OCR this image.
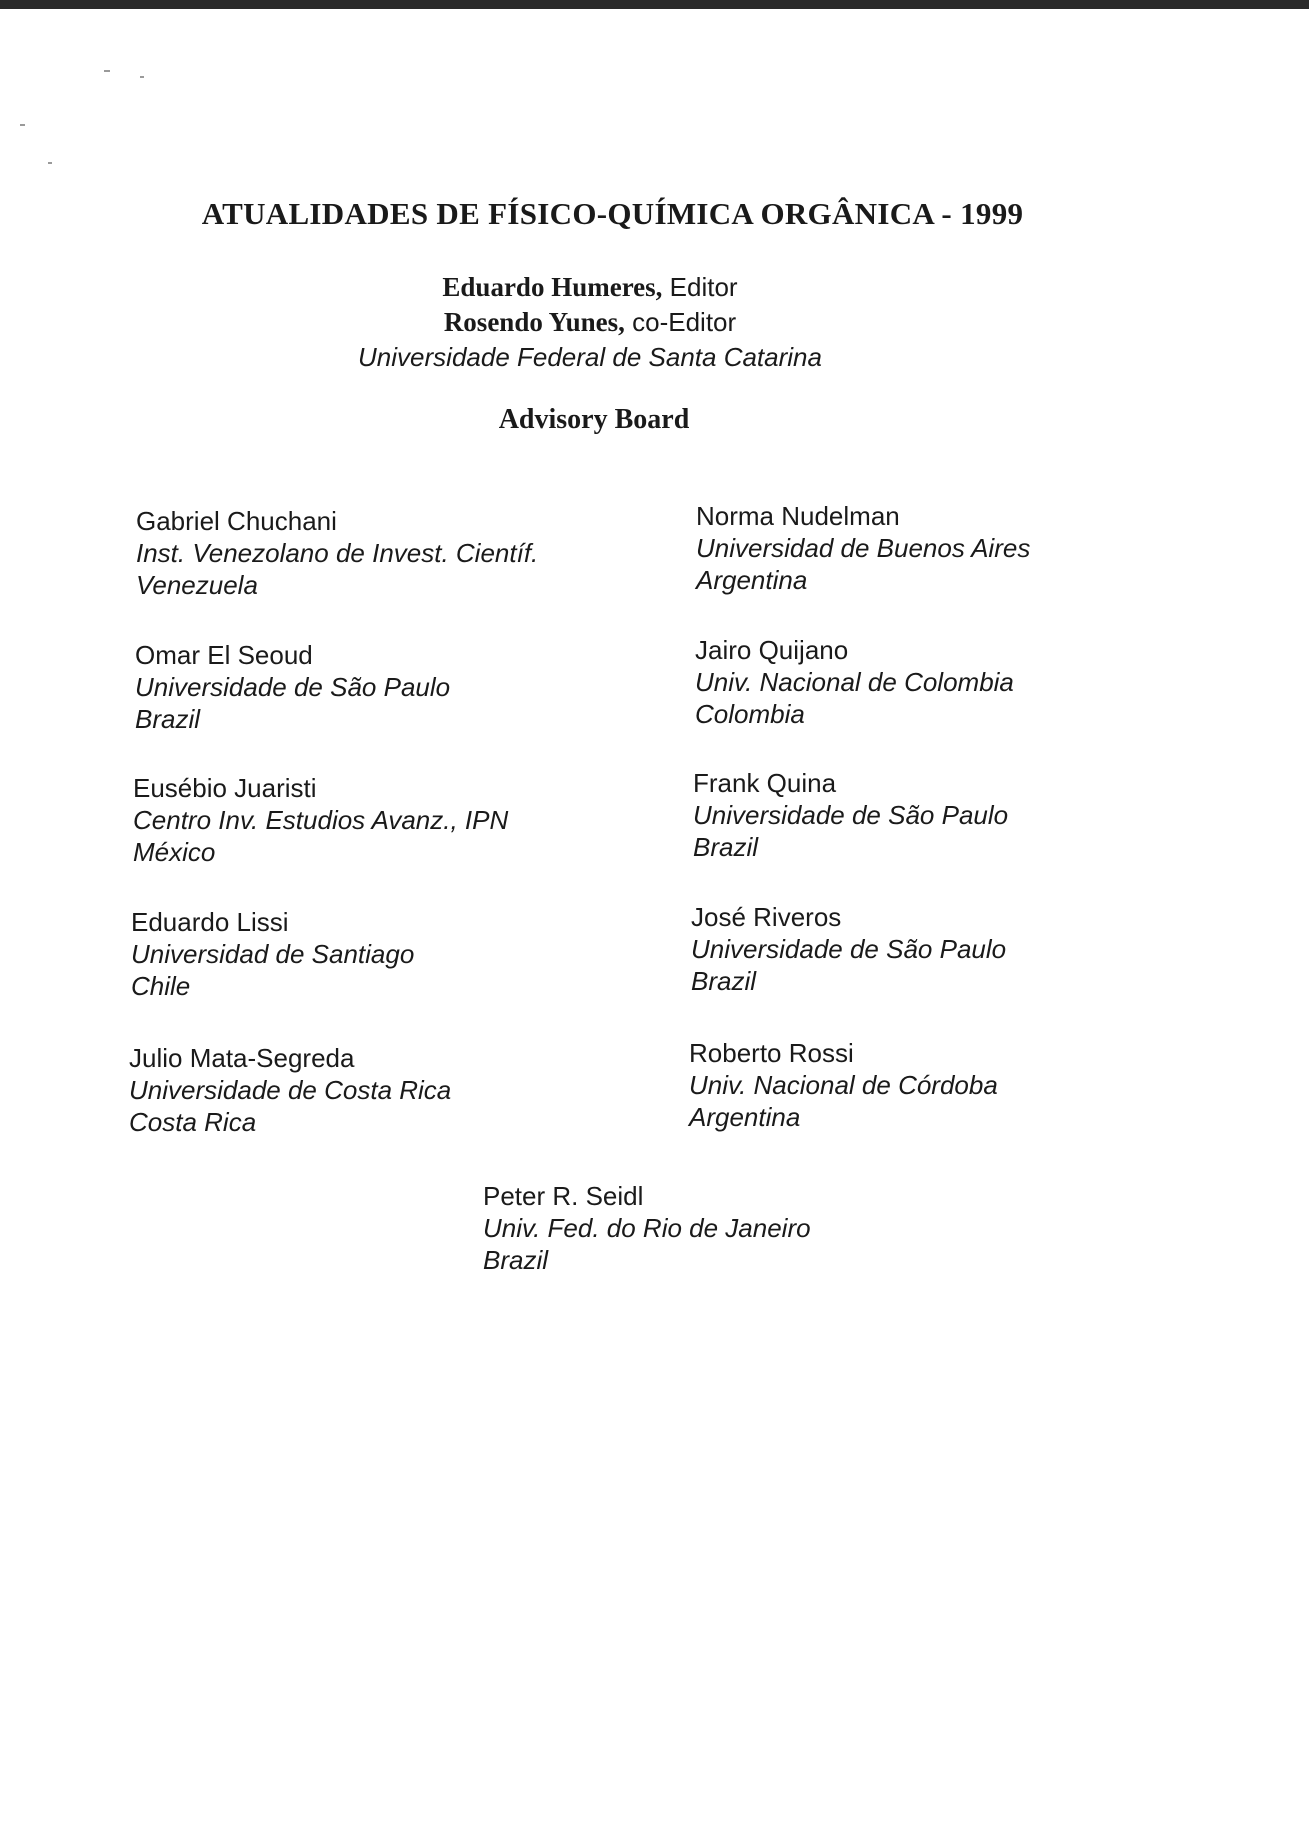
ATUALIDADES DE FÍSICO-QUÍMICA ORGÂNICA - 1999
Eduardo Humeres, Editor
Rosendo Yunes, co-Editor
Universidade Federal de Santa Catarina
Advisory Board
Gabriel Chuchani
Inst. Venezolano de Invest. Científ.
Venezuela
Omar El Seoud
Universidade de São Paulo
Brazil
Eusébio Juaristi
Centro Inv. Estudios Avanz., IPN
México
Eduardo Lissi
Universidad de Santiago
Chile
Julio Mata-Segreda
Universidade de Costa Rica
Costa Rica
Norma Nudelman
Universidad de Buenos Aires
Argentina
Jairo Quijano
Univ. Nacional de Colombia
Colombia
Frank Quina
Universidade de São Paulo
Brazil
José Riveros
Universidade de São Paulo
Brazil
Roberto Rossi
Univ. Nacional de Córdoba
Argentina
Peter R. Seidl
Univ. Fed. do Rio de Janeiro
Brazil
